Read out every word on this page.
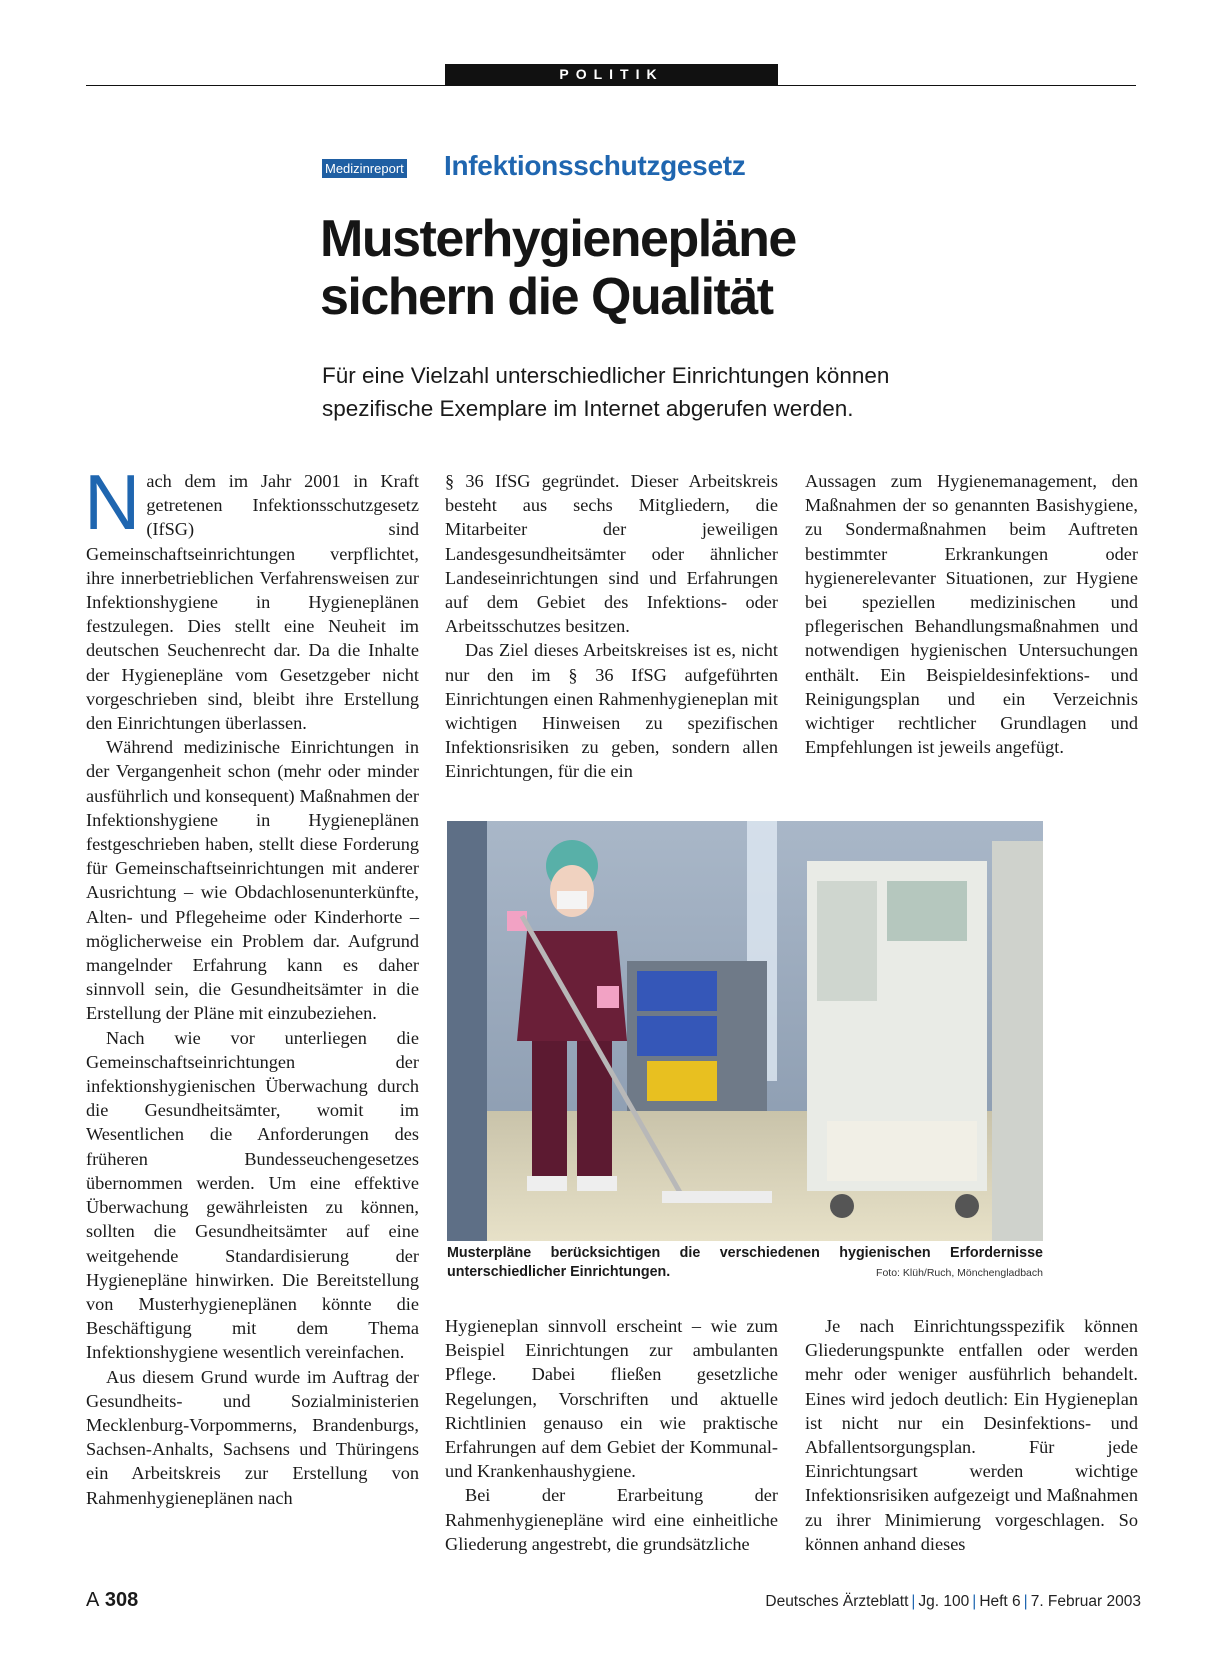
POLITIK
Medizinreport Infektionsschutzgesetz
Musterhygienepläne
sichern die Qualität

Für eine Vielzahl unterschiedlicher Einrichtungen können
spezifische Exemplare im Internet abgerufen werden.

Nach dem im Jahr 2001 in Kraft getretenen Infektionsschutzgesetz (IfSG) sind Gemeinschaftseinrichtungen verpflichtet, ihre innerbetrieblichen Verfahrensweisen zur Infektionshygiene in Hygieneplänen festzulegen. Dies stellt eine Neuheit im deutschen Seuchenrecht dar. Da die Inhalte der Hygienepläne vom Gesetzgeber nicht vorgeschrieben sind, bleibt ihre Erstellung den Einrichtungen überlassen.

Während medizinische Einrichtungen in der Vergangenheit schon (mehr oder minder ausführlich und konsequent) Maßnahmen der Infektionshygiene in Hygieneplänen festgeschrieben haben, stellt diese Forderung für Gemeinschaftseinrichtungen mit anderer Ausrichtung – wie Obdachlosenunterkünfte, Alten- und Pflegeheime oder Kinderhorte – möglicherweise ein Problem dar. Aufgrund mangelnder Erfahrung kann es daher sinnvoll sein, die Gesundheitsämter in die Erstellung der Pläne mit einzubeziehen.

Nach wie vor unterliegen die Gemeinschaftseinrichtungen der infektionshygienischen Überwachung durch die Gesundheitsämter, womit im Wesentlichen die Anforderungen des früheren Bundesseuchengesetzes übernommen werden. Um eine effektive Überwachung gewährleisten zu können, sollten die Gesundheitsämter auf eine weitgehende Standardisierung der Hygienepläne hinwirken. Die Bereitstellung von Musterhygieneplänen könnte die Beschäftigung mit dem Thema Infektionshygiene wesentlich vereinfachen.

Aus diesem Grund wurde im Auftrag der Gesundheits- und Sozialministerien Mecklenburg-Vorpommerns, Brandenburgs, Sachsen-Anhalts, Sachsens und Thüringens ein Arbeitskreis zur Erstellung von Rahmenhygieneplänen nach

§ 36 IfSG gegründet. Dieser Arbeitskreis besteht aus sechs Mitgliedern, die Mitarbeiter der jeweiligen Landesgesundheitsämter oder ähnlicher Landeseinrichtungen sind und Erfahrungen auf dem Gebiet des Infektions- oder Arbeitsschutzes besitzen.

Das Ziel dieses Arbeitskreises ist es, nicht nur den im § 36 IfSG aufgeführten Einrichtungen einen Rahmenhygieneplan mit wichtigen Hinweisen zu spezifischen Infektionsrisiken zu geben, sondern allen Einrichtungen, für die ein

Aussagen zum Hygienemanagement, den Maßnahmen der so genannten Basishygiene, zu Sondermaßnahmen beim Auftreten bestimmter Erkrankungen oder hygienerelevanter Situationen, zur Hygiene bei speziellen medizinischen und pflegerischen Behandlungsmaßnahmen und notwendigen hygienischen Untersuchungen enthält. Ein Beispieldesinfektions- und Reinigungsplan und ein Verzeichnis wichtiger rechtlicher Grundlagen und Empfehlungen ist jeweils angefügt.

Musterpläne berücksichtigen die verschiedenen hygienischen Erfordernisse unterschiedlicher Einrichtungen.	Foto: Klüh/Ruch, Mönchengladbach

Hygieneplan sinnvoll erscheint – wie zum Beispiel Einrichtungen zur ambulanten Pflege. Dabei fließen gesetzliche Regelungen, Vorschriften und aktuelle Richtlinien genauso ein wie praktische Erfahrungen auf dem Gebiet der Kommunal- und Krankenhaushygiene.

Bei der Erarbeitung der Rahmenhygienepläne wird eine einheitliche Gliederung angestrebt, die grundsätzliche

Je nach Einrichtungsspezifik können Gliederungspunkte entfallen oder werden mehr oder weniger ausführlich behandelt. Eines wird jedoch deutlich: Ein Hygieneplan ist nicht nur ein Desinfektions- und Abfallentsorgungsplan. Für jede Einrichtungsart werden wichtige Infektionsrisiken aufgezeigt und Maßnahmen zu ihrer Minimierung vorgeschlagen. So können anhand dieses

A 308	Deutsches Ärzteblatt | Jg. 100 | Heft 6 | 7. Februar 2003
